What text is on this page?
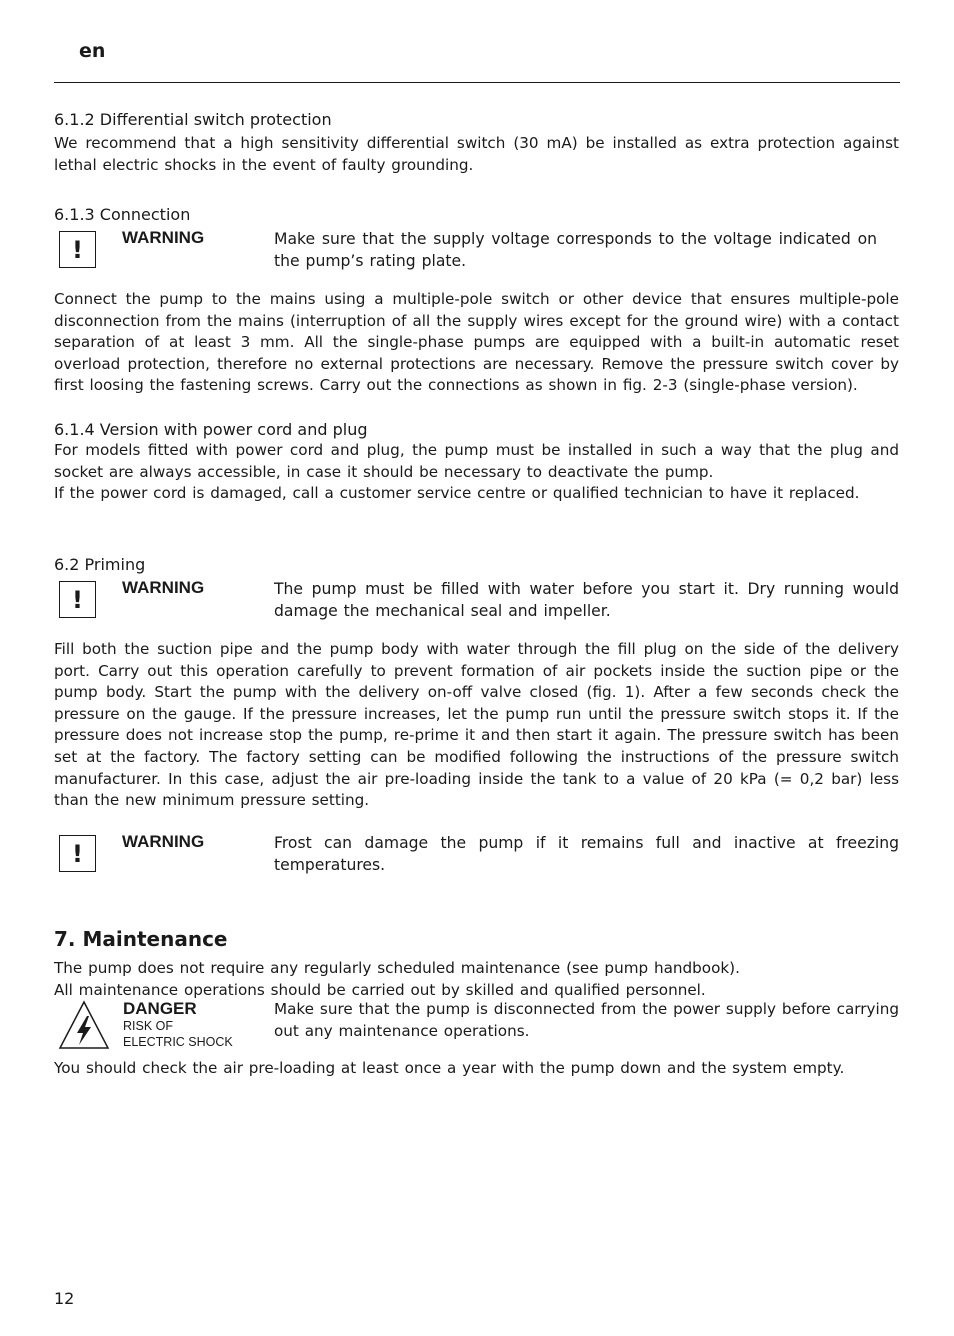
en
6.1.2 Differential switch protection

We recommend that a high sensitivity differential switch (30 mA) be installed as extra protection against lethal electric shocks in the event of faulty grounding.

6.1.3 Connection
! WARNING	Make sure that the supply voltage corresponds to the voltage indicated on the pump’s rating plate.

Connect the pump to the mains using a multiple-pole switch or other device that ensures multiple-pole disconnection from the mains (interruption of all the supply wires except for the ground wire) with a contact separation of at least 3 mm. All the single-phase pumps are equipped with a built-in automatic reset overload protection, therefore no external protections are necessary. Remove the pressure switch cover by first loosing the fastening screws. Carry out the connections as shown in fig. 2-3 (single-phase version).

6.1.4 Version with power cord and plug

For models fitted with power cord and plug, the pump must be installed in such a way that the plug and socket are always accessible, in case it should be necessary to deactivate the pump.

If the power cord is damaged, call a customer service centre or qualified technician to have it replaced.

6.2 Priming
! WARNING	The pump must be filled with water before you start it. Dry running would damage the mechanical seal and impeller.

Fill both the suction pipe and the pump body with water through the fill plug on the side of the delivery port. Carry out this operation carefully to prevent formation of air pockets inside the suction pipe or the pump body. Start the pump with the delivery on-off valve closed (fig. 1). After a few seconds check the pressure on the gauge. If the pressure increases, let the pump run until the pressure switch stops it. If the pressure does not increase stop the pump, re-prime it and then start it again. The pressure switch has been set at the factory. The factory setting can be modified following the instructions of the pressure switch manufacturer. In this case, adjust the air pre-loading inside the tank to a value of 20 kPa (= 0,2 bar) less than the new minimum pressure setting.

! WARNING	Frost can damage the pump if it remains full and inactive at freezing temperatures.
7. Maintenance

The pump does not require any regularly scheduled maintenance (see pump handbook).

All maintenance operations should be carried out by skilled and qualified personnel.

DANGER
RISK OF
ELECTRIC SHOCK
Make sure that the pump is disconnected from the power supply before carrying out any maintenance operations.

You should check the air pre-loading at least once a year with the pump down and the system empty.

12
